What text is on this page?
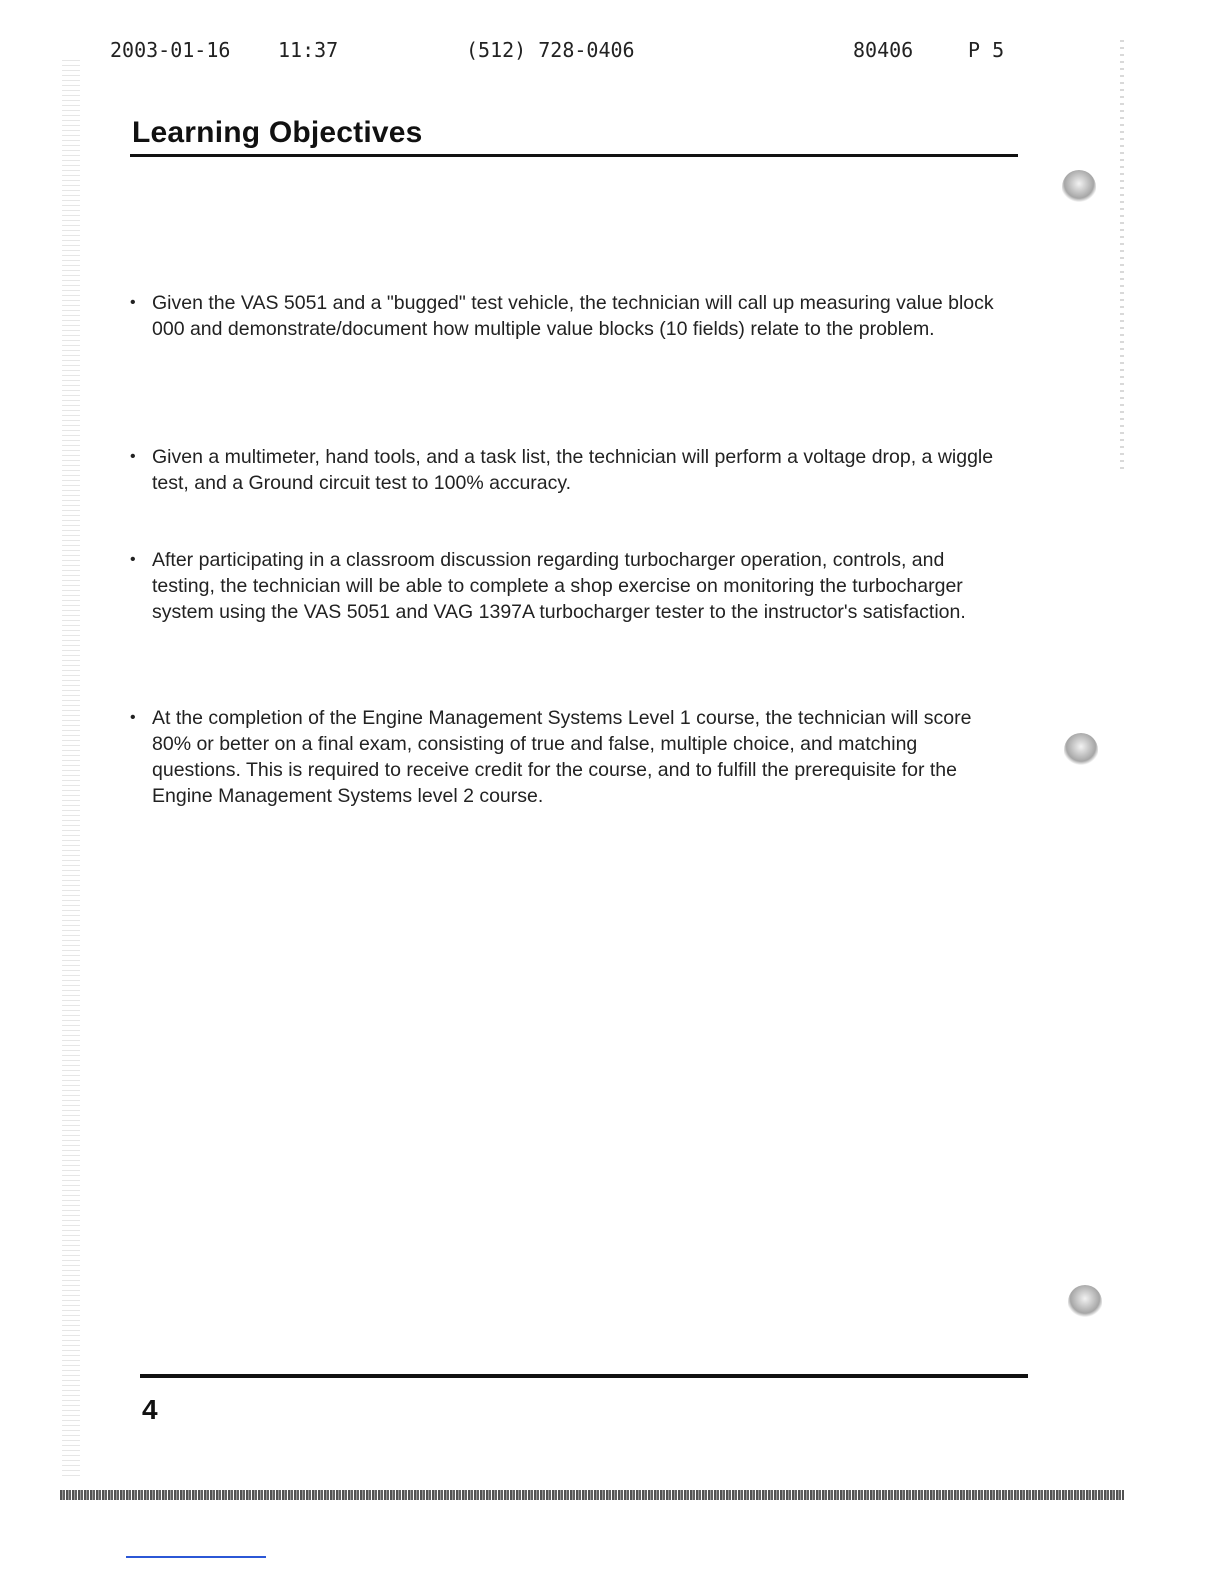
2003-01-16 11:37	(512) 728-0406	80406	P 5
Learning Objectives
• Given the VAS 5051 and a "bugged" test vehicle, the technician will call up measuring value block 000 and demonstrate/document how multiple value blocks (10 fields) relate to the problem.
• Given a multimeter, hand tools, and a task list, the technician will perform a voltage drop, a wiggle test, and a Ground circuit test to 100% accuracy.
• After participating in a classroom discussion regarding turbocharger operation, controls, and testing, the technician will be able to complete a shop exercise on monitoring the turbocharger system using the VAS 5051 and VAG 1397A turbocharger tester to the instructor's satisfaction.
• At the completion of the Engine Management Systems Level 1 course, the technician will score 80% or better on a final exam, consisting of true and false, multiple choice, and matching questions. This is required to receive credit for the course, and to fulfill the prerequisite for the Engine Management Systems level 2 course.
4
